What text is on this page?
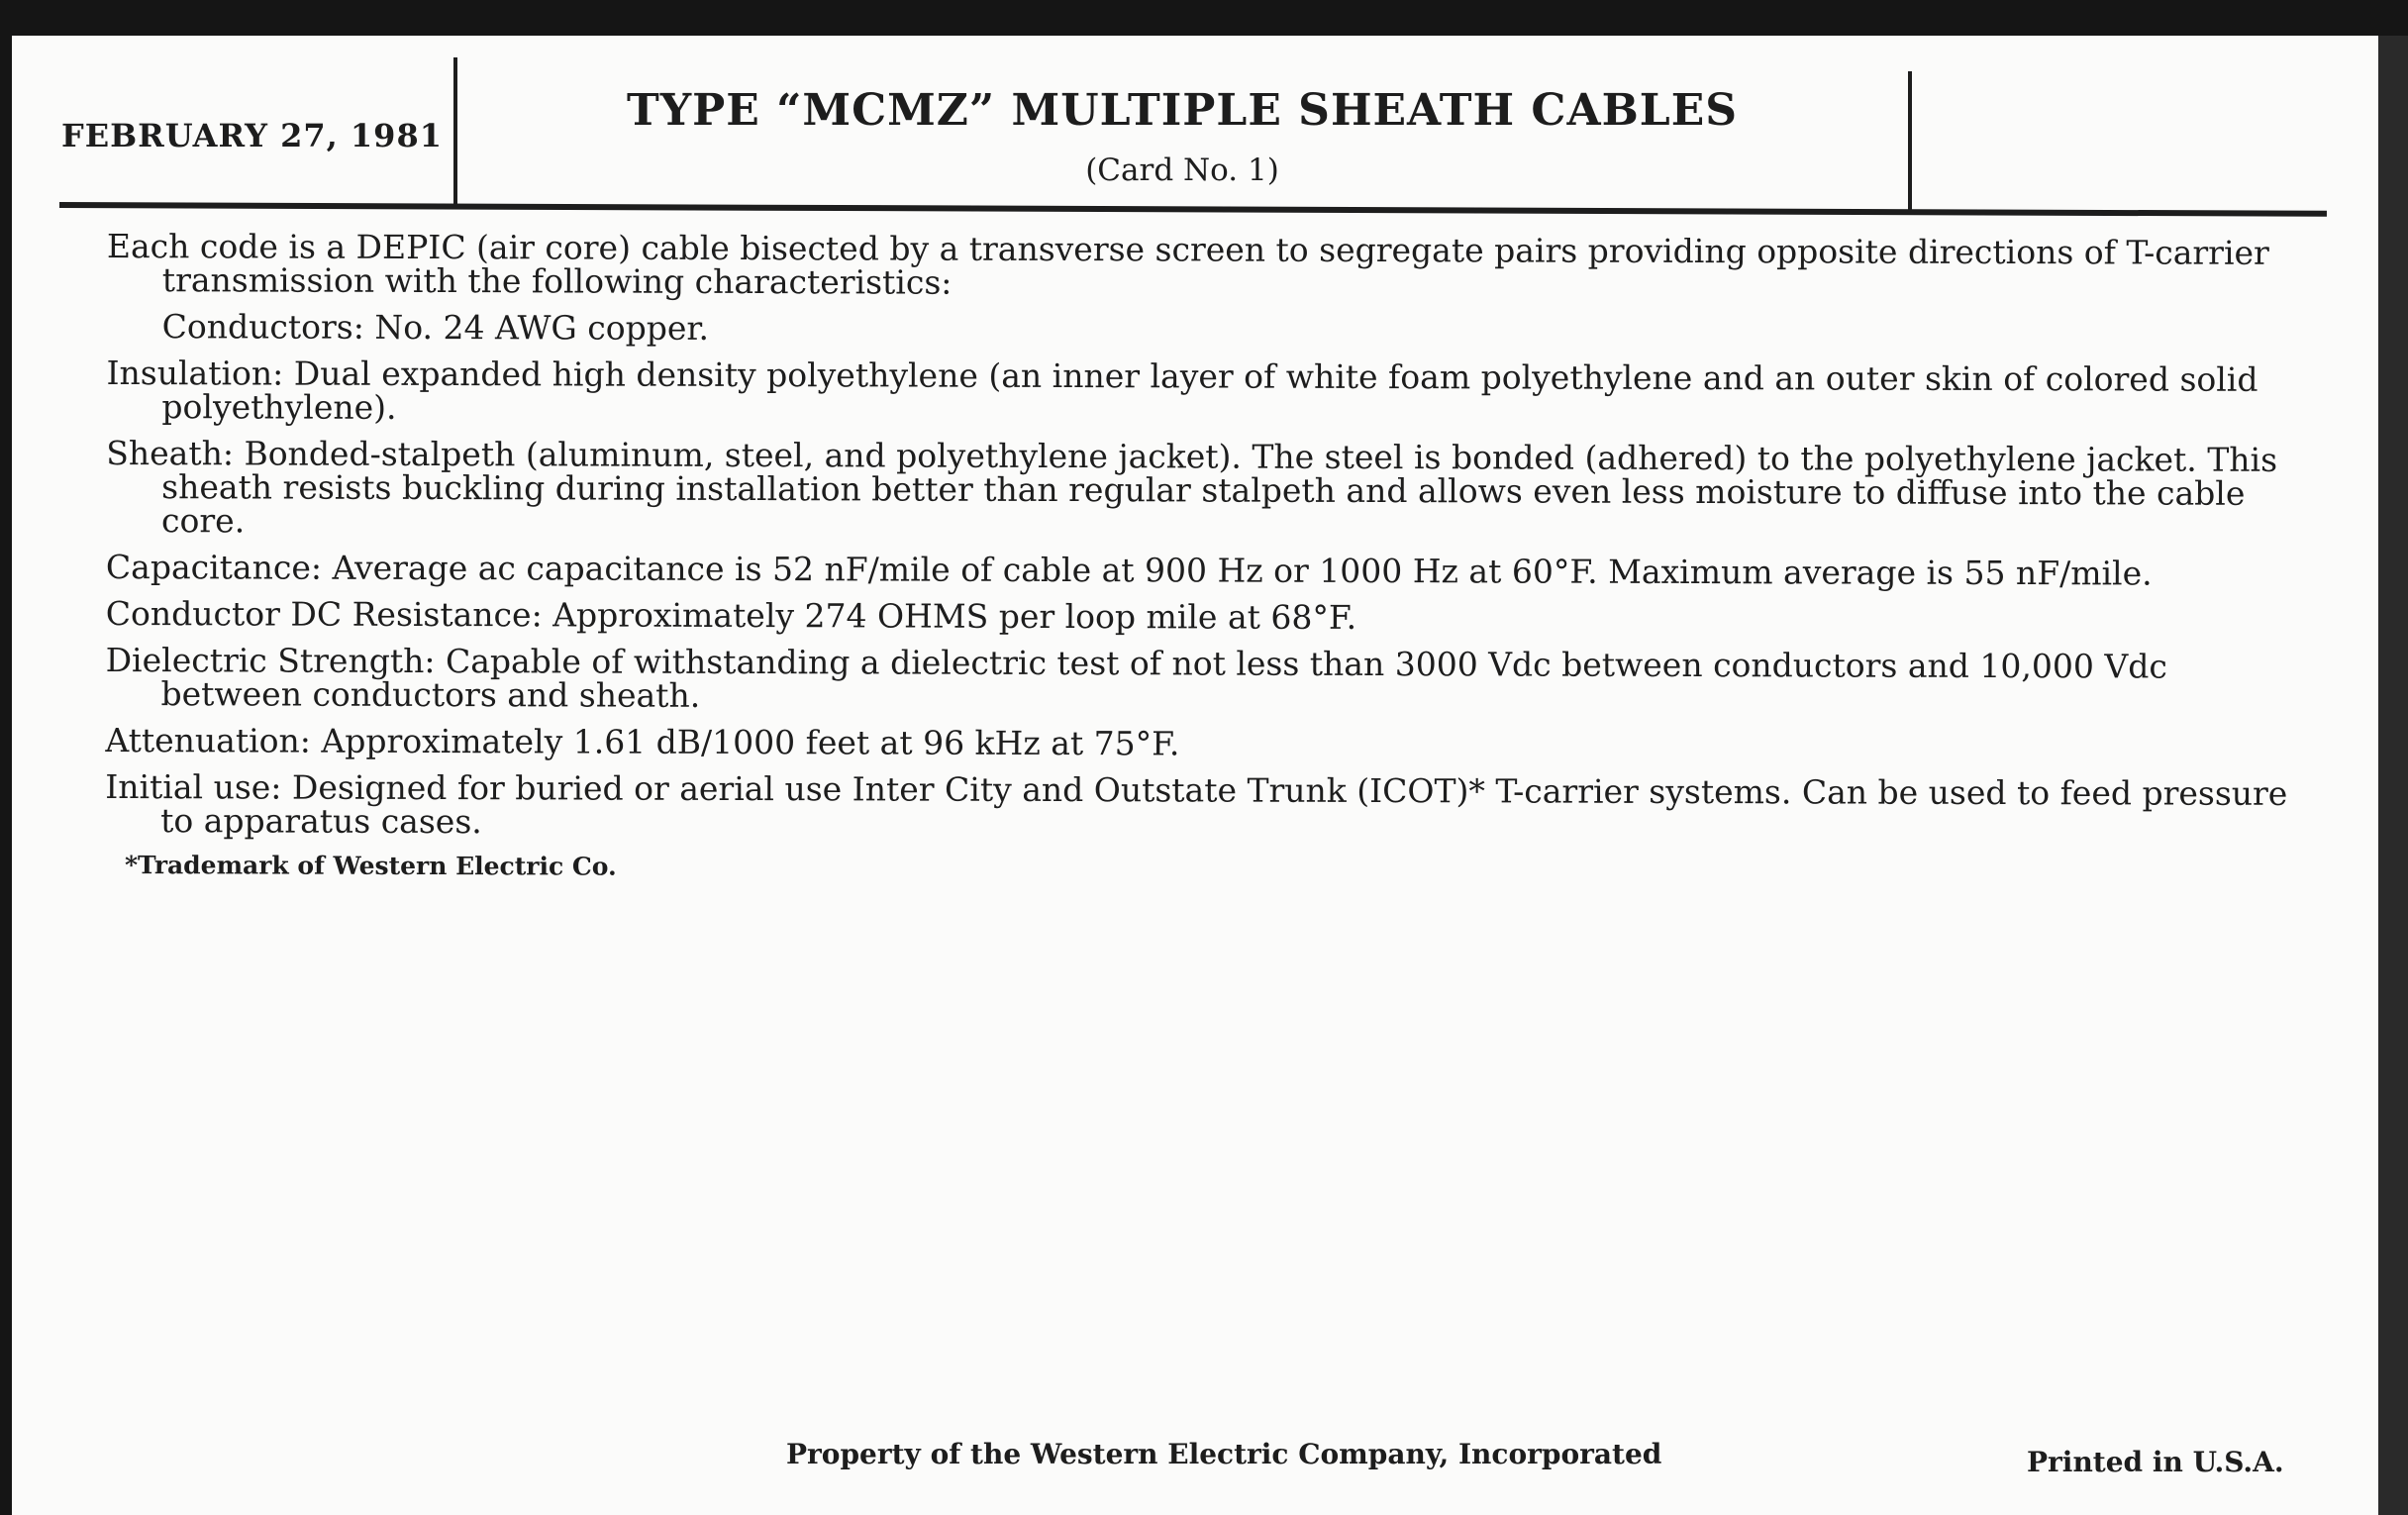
FEBRUARY 27, 1981	TYPE “MCMZ” MULTIPLE SHEATH CABLES
(Card No. 1)

Each code is a DEPIC (air core) cable bisected by a transverse screen to segregate pairs providing opposite directions of T-carrier transmission with the following characteristics:

Conductors: No. 24 AWG copper.

Insulation: Dual expanded high density polyethylene (an inner layer of white foam polyethylene and an outer skin of colored solid polyethylene).

Sheath: Bonded-stalpeth (aluminum, steel, and polyethylene jacket). The steel is bonded (adhered) to the polyethylene jacket. This sheath resists buckling during installation better than regular stalpeth and allows even less moisture to diffuse into the cable core.

Capacitance: Average ac capacitance is 52 nF/mile of cable at 900 Hz or 1000 Hz at 60°F. Maximum average is 55 nF/mile.

Conductor DC Resistance: Approximately 274 OHMS per loop mile at 68°F.

Dielectric Strength: Capable of withstanding a dielectric test of not less than 3000 Vdc between conductors and 10,000 Vdc between conductors and sheath.

Attenuation: Approximately 1.61 dB/1000 feet at 96 kHz at 75°F.

Initial use: Designed for buried or aerial use Inter City and Outstate Trunk (ICOT)* T-carrier systems. Can be used to feed pressure to apparatus cases.

*Trademark of Western Electric Co.
Property of the Western Electric Company, Incorporated	Printed in U.S.A.
